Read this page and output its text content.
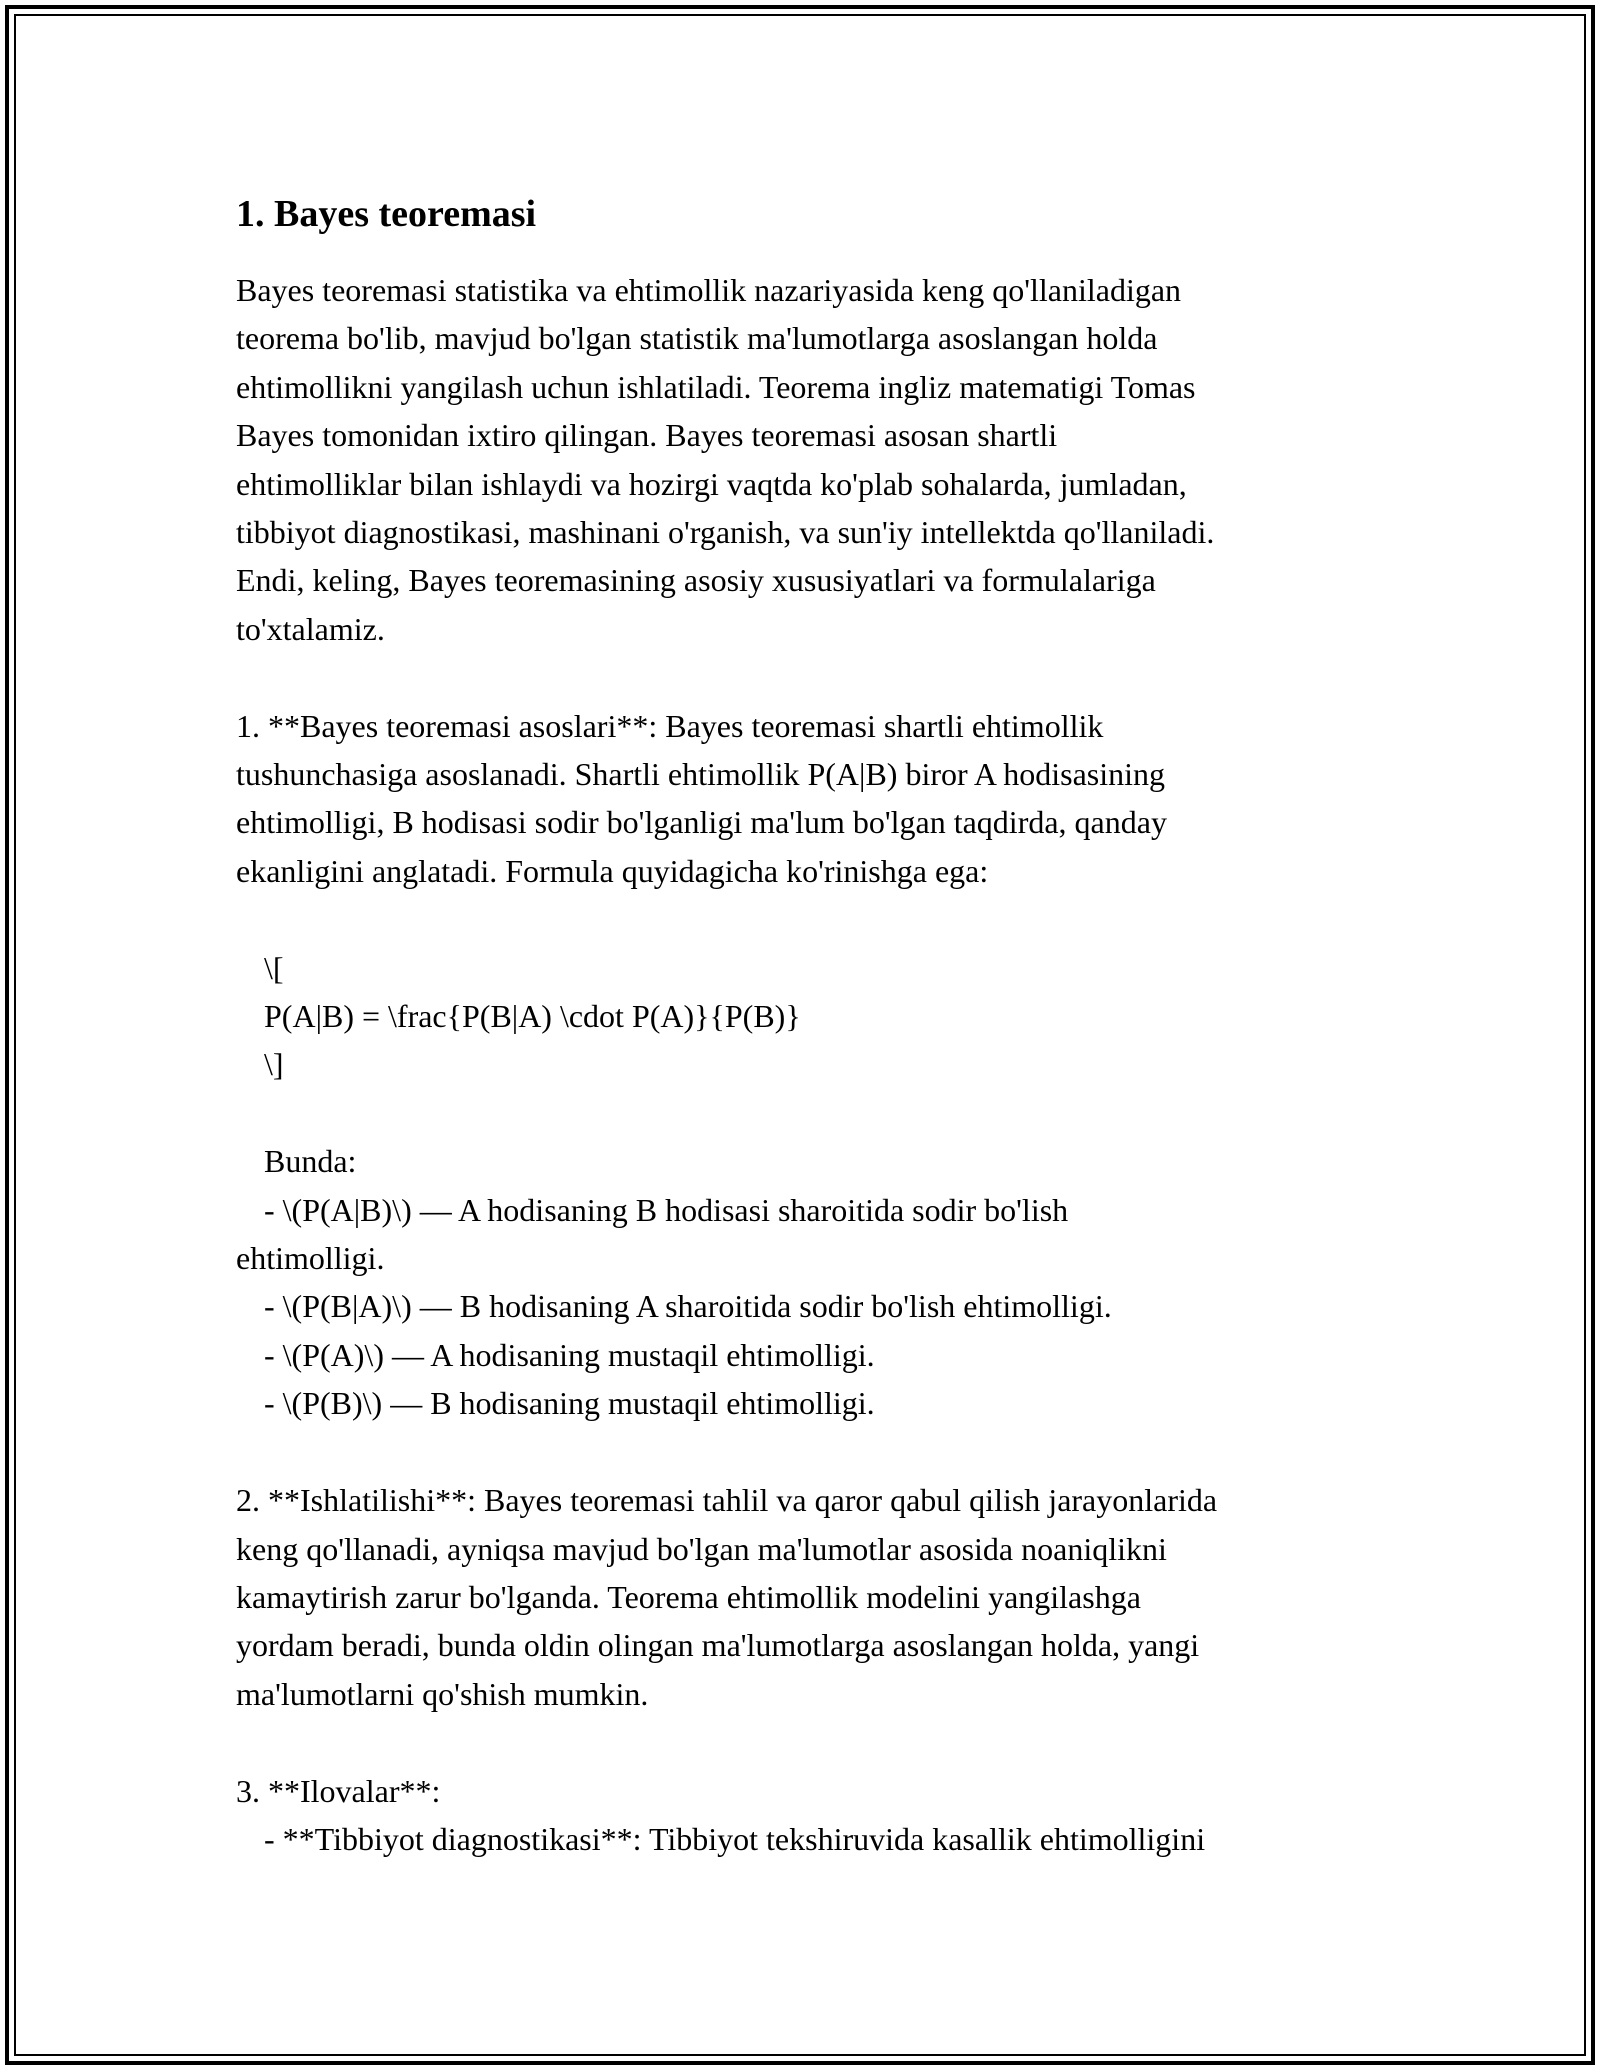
1. Bayes teoremasi
Bayes teoremasi statistika va ehtimollik nazariyasida keng qo'llaniladigan
teorema bo'lib, mavjud bo'lgan statistik ma'lumotlarga asoslangan holda
ehtimollikni yangilash uchun ishlatiladi. Teorema ingliz matematigi Tomas
Bayes tomonidan ixtiro qilingan. Bayes teoremasi asosan shartli
ehtimolliklar bilan ishlaydi va hozirgi vaqtda ko'plab sohalarda, jumladan,
tibbiyot diagnostikasi, mashinani o'rganish, va sun'iy intellektda qo'llaniladi.
Endi, keling, Bayes teoremasining asosiy xususiyatlari va formulalariga
to'xtalamiz.
1. **Bayes teoremasi asoslari**: Bayes teoremasi shartli ehtimollik
tushunchasiga asoslanadi. Shartli ehtimollik P(A|B) biror A hodisasining
ehtimolligi, B hodisasi sodir bo'lganligi ma'lum bo'lgan taqdirda, qanday
ekanligini anglatadi. Formula quyidagicha ko'rinishga ega:
\[
P(A|B) = \frac{P(B|A) \cdot P(A)}{P(B)}
\]
Bunda:
- \(P(A|B)\) — A hodisaning B hodisasi sharoitida sodir bo'lish
ehtimolligi.
- \(P(B|A)\) — B hodisaning A sharoitida sodir bo'lish ehtimolligi.
- \(P(A)\) — A hodisaning mustaqil ehtimolligi.
- \(P(B)\) — B hodisaning mustaqil ehtimolligi.
2. **Ishlatilishi**: Bayes teoremasi tahlil va qaror qabul qilish jarayonlarida
keng qo'llanadi, ayniqsa mavjud bo'lgan ma'lumotlar asosida noaniqlikni
kamaytirish zarur bo'lganda. Teorema ehtimollik modelini yangilashga
yordam beradi, bunda oldin olingan ma'lumotlarga asoslangan holda, yangi
ma'lumotlarni qo'shish mumkin.
3. **Ilovalar**:
- **Tibbiyot diagnostikasi**: Tibbiyot tekshiruvida kasallik ehtimolligini
